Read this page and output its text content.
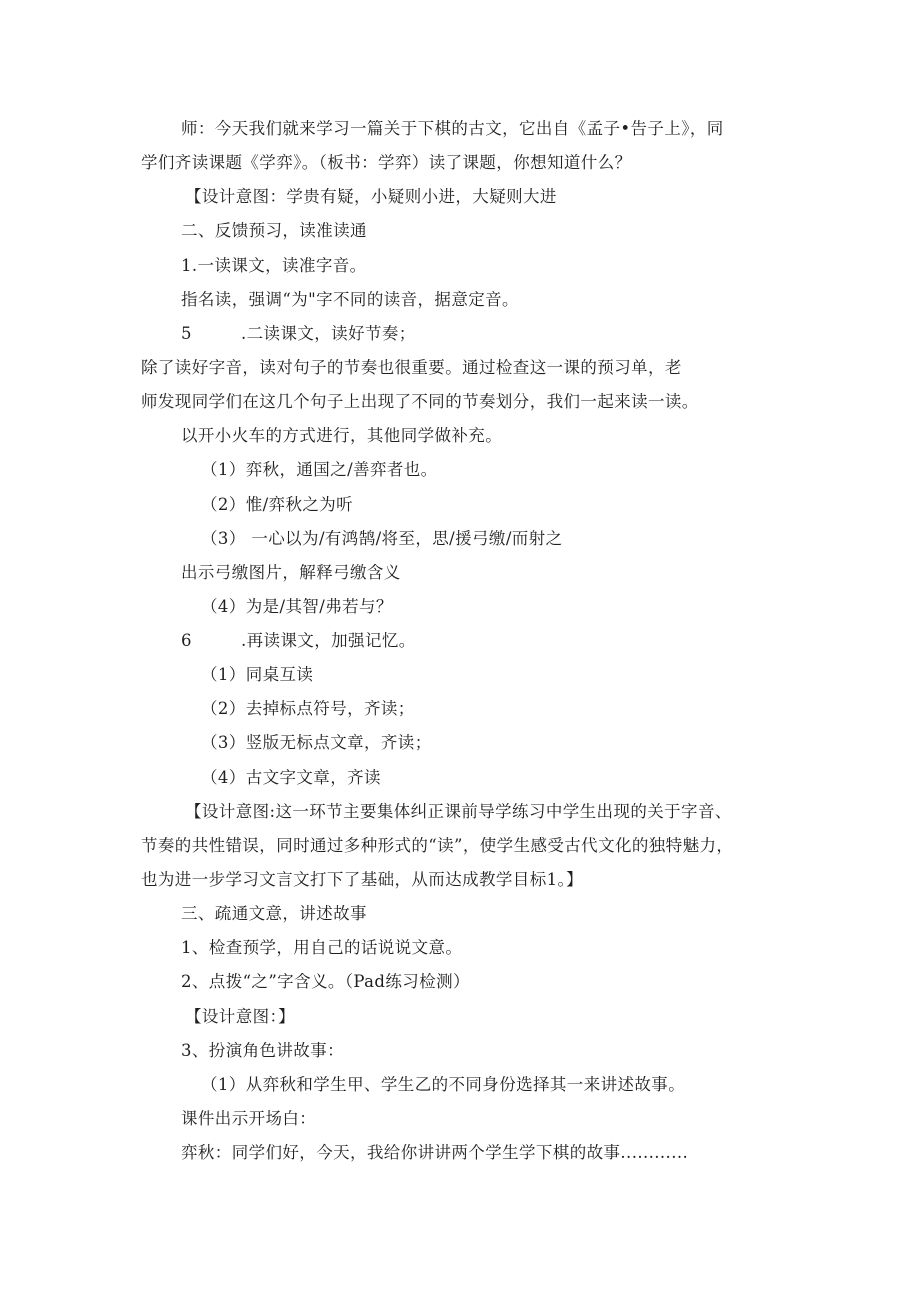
师：今天我们就来学习一篇关于下棋的古文，它出自《孟子•告子上》，同
学们齐读课题《学弈》。（板书：学弈）读了课题，你想知道什么？
【设计意图：学贵有疑，小疑则小进，大疑则大进
二、反馈预习，读准读通
1.一读课文，读准字音。
指名读，强调“为"字不同的读音，据意定音。
5	.二读课文，读好节奏；
除了读好字音，读对句子的节奏也很重要。通过检查这一课的预习单，老
师发现同学们在这几个句子上出现了不同的节奏划分，我们一起来读一读。
以开小火车的方式进行，其他同学做补充。
（1）弈秋，通国之/善弈者也。
（2）惟/弈秋之为听
（3） 一心以为/有鸿鹄/将至，思/援弓缴/而射之
出示弓缴图片，解释弓缴含义
（4）为是/其智/弗若与？
6	.再读课文，加强记忆。
（1）同桌互读
（2）去掉标点符号，齐读；
（3）竖版无标点文章，齐读；
（4）古文字文章，齐读
【设计意图:这一环节主要集体纠正课前导学练习中学生出现的关于字音、
节奏的共性错误，同时通过多种形式的“读”，使学生感受古代文化的独特魅力，
也为进一步学习文言文打下了基础，从而达成教学目标1。】
三、疏通文意，讲述故事
1、检查预学，用自己的话说说文意。
2、点拨“之”字含义。（Pad练习检测）
【设计意图：】
3、扮演角色讲故事：
（1）从弈秋和学生甲、学生乙的不同身份选择其一来讲述故事。
课件出示开场白：
弈秋：同学们好，今天，我给你讲讲两个学生学下棋的故事............
